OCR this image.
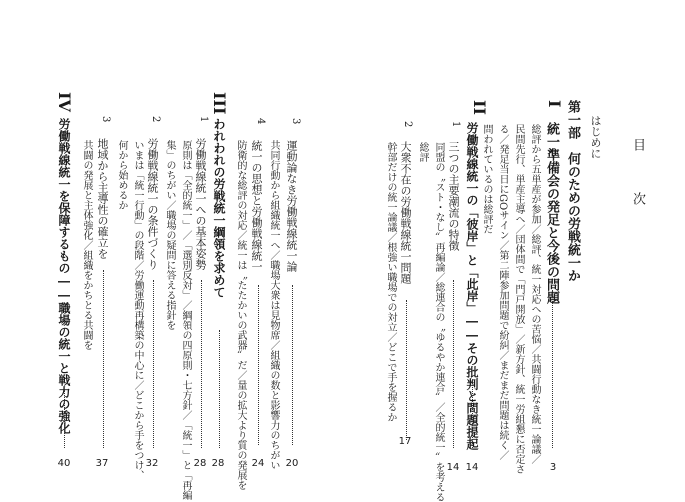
目　次
はじめに
第一部　何のための労戦統一か
I
統一準備会の発足と今後の問題
3
総評から五単産が参加／総評、統一対応への苦悩／共闘行動なき統一論議／
民間先行、単産主導へ／団体間で「門戸開放」／新方針、統一労組懇に否定さ
る／発足当日にGOサイン／第二陣参加問題で紛糾／まだまだ問題は続く／
問われているのは総評だ
II
労働戦線統一の「彼岸」と「此岸」――その批判と問題提起
14
1
三つの主要潮流の特徴
14
同盟の〝スト・なし〟再編論／総連合の〝ゆるやか連合〟／全的統一〟を考える
総評
2
大衆不在の労働戦線統一問題
17
幹部だけの統一論議／根強い職場での対立／どこで手を握るか
3
運動論なき労働戦線統一論
20
共同行動から組織統一へ／職場大衆は見物席／組織の数と影響力のちがい
統一の思想と労働戦線統一
24
4
防衛的な総評の対応／統一は〝たたかいの武器〟だ／量の拡大より質の発展を
III
われわれの労戦統一綱領を求めて
28
1
労働戦線統一への基本姿勢
28
原則は「全的統一」／「選別反対」／綱領の四原則・七方針／「統一」と「再編
集」のちがい／職場の疑問に答える指針を
2
労働戦線統一の条件づくり
32
いまは「統一行動」の段階／労働運動再構築の中心に／どこから手をつけ、
何から始めるか
3
地域から主導性の確立を
37
共闘の発展と主体強化／組織をかちとる共闘を
IV
労働戦線統一を保障するもの――職場の統一と戦力の強化
40
